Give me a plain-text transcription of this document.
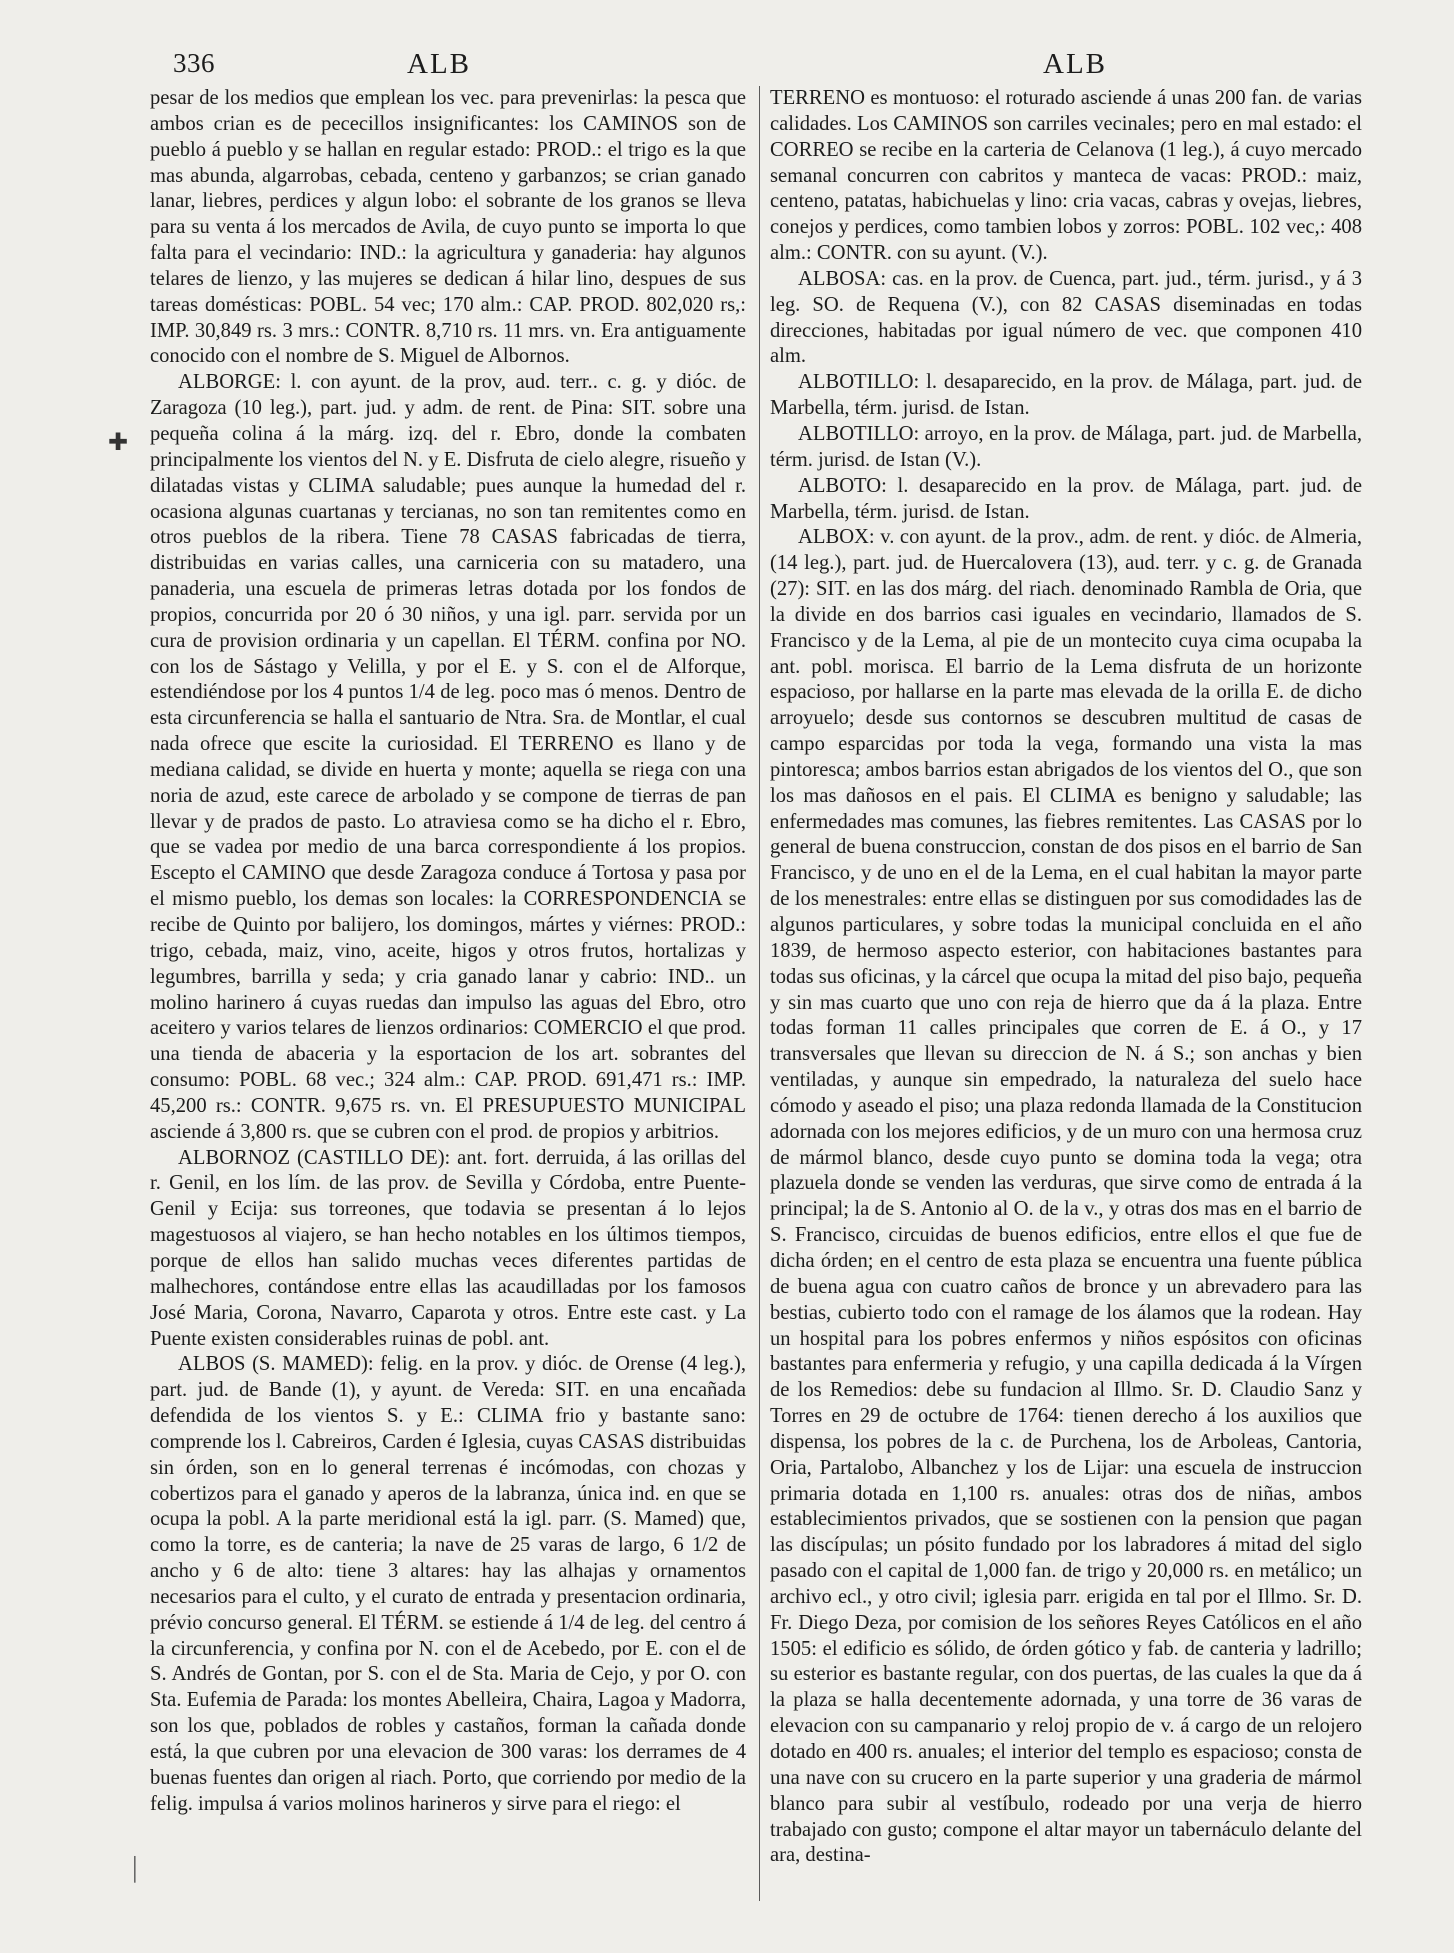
336	ALB	ALB
✚
│

pesar de los medios que emplean los vec. para prevenirlas: la pesca que ambos crian es de pececillos insignificantes: los CAMINOS son de pueblo á pueblo y se hallan en regular estado: PROD.: el trigo es la que mas abunda, algarrobas, cebada, centeno y garbanzos; se crian ganado lanar, liebres, perdices y algun lobo: el sobrante de los granos se lleva para su venta á los mercados de Avila, de cuyo punto se importa lo que falta para el vecindario: IND.: la agricultura y ganaderia: hay algunos telares de lienzo, y las mujeres se dedican á hilar lino, despues de sus tareas domésticas: POBL. 54 vec; 170 alm.: CAP. PROD. 802,020 rs,: IMP. 30,849 rs. 3 mrs.: CONTR. 8,710 rs. 11 mrs. vn. Era antiguamente conocido con el nombre de S. Miguel de Albornos.

ALBORGE: l. con ayunt. de la prov, aud. terr.. c. g. y dióc. de Zaragoza (10 leg.), part. jud. y adm. de rent. de Pina: SIT. sobre una pequeña colina á la márg. izq. del r. Ebro, donde la combaten principalmente los vientos del N. y E. Disfruta de cielo alegre, risueño y dilatadas vistas y CLIMA saludable; pues aunque la humedad del r. ocasiona algunas cuartanas y tercianas, no son tan remitentes como en otros pueblos de la ribera. Tiene 78 CASAS fabricadas de tierra, distribuidas en varias calles, una carniceria con su matadero, una panaderia, una escuela de primeras letras dotada por los fondos de propios, concurrida por 20 ó 30 niños, y una igl. parr. servida por un cura de provision ordinaria y un capellan. El TÉRM. confina por NO. con los de Sástago y Velilla, y por el E. y S. con el de Alforque, estendiéndose por los 4 puntos 1/4 de leg. poco mas ó menos. Dentro de esta circunferencia se halla el santuario de Ntra. Sra. de Montlar, el cual nada ofrece que escite la curiosidad. El TERRENO es llano y de mediana calidad, se divide en huerta y monte; aquella se riega con una noria de azud, este carece de arbolado y se compone de tierras de pan llevar y de prados de pasto. Lo atraviesa como se ha dicho el r. Ebro, que se vadea por medio de una barca correspondiente á los propios. Escepto el CAMINO que desde Zaragoza conduce á Tortosa y pasa por el mismo pueblo, los demas son locales: la CORRESPONDENCIA se recibe de Quinto por balijero, los domingos, mártes y viérnes: PROD.: trigo, cebada, maiz, vino, aceite, higos y otros frutos, hortalizas y legumbres, barrilla y seda; y cria ganado lanar y cabrio: IND.. un molino harinero á cuyas ruedas dan impulso las aguas del Ebro, otro aceitero y varios telares de lienzos ordinarios: COMERCIO el que prod. una tienda de abaceria y la esportacion de los art. sobrantes del consumo: POBL. 68 vec.; 324 alm.: CAP. PROD. 691,471 rs.: IMP. 45,200 rs.: CONTR. 9,675 rs. vn. El PRESUPUESTO MUNICIPAL asciende á 3,800 rs. que se cubren con el prod. de propios y arbitrios.

ALBORNOZ (CASTILLO DE): ant. fort. derruida, á las orillas del r. Genil, en los lím. de las prov. de Sevilla y Córdoba, entre Puente-Genil y Ecija: sus torreones, que todavia se presentan á lo lejos magestuosos al viajero, se han hecho notables en los últimos tiempos, porque de ellos han salido muchas veces diferentes partidas de malhechores, contándose entre ellas las acaudilladas por los famosos José Maria, Corona, Navarro, Caparota y otros. Entre este cast. y La Puente existen considerables ruinas de pobl. ant.

ALBOS (S. MAMED): felig. en la prov. y dióc. de Orense (4 leg.), part. jud. de Bande (1), y ayunt. de Vereda: SIT. en una encañada defendida de los vientos S. y E.: CLIMA frio y bastante sano: comprende los l. Cabreiros, Carden é Iglesia, cuyas CASAS distribuidas sin órden, son en lo general terrenas é incómodas, con chozas y cobertizos para el ganado y aperos de la labranza, única ind. en que se ocupa la pobl. A la parte meridional está la igl. parr. (S. Mamed) que, como la torre, es de canteria; la nave de 25 varas de largo, 6 1/2 de ancho y 6 de alto: tiene 3 altares: hay las alhajas y ornamentos necesarios para el culto, y el curato de entrada y presentacion ordinaria, prévio concurso general. El TÉRM. se estiende á 1/4 de leg. del centro á la circunferencia, y confina por N. con el de Acebedo, por E. con el de S. Andrés de Gontan, por S. con el de Sta. Maria de Cejo, y por O. con Sta. Eufemia de Parada: los montes Abelleira, Chaira, Lagoa y Madorra, son los que, poblados de robles y castaños, forman la cañada donde está, la que cubren por una elevacion de 300 varas: los derrames de 4 buenas fuentes dan origen al riach. Porto, que corriendo por medio de la felig. impulsa á varios molinos harineros y sirve para el riego: el

TERRENO es montuoso: el roturado asciende á unas 200 fan. de varias calidades. Los CAMINOS son carriles vecinales; pero en mal estado: el CORREO se recibe en la carteria de Celanova (1 leg.), á cuyo mercado semanal concurren con cabritos y manteca de vacas: PROD.: maiz, centeno, patatas, habichuelas y lino: cria vacas, cabras y ovejas, liebres, conejos y perdices, como tambien lobos y zorros: POBL. 102 vec,: 408 alm.: CONTR. con su ayunt. (V.).

ALBOSA: cas. en la prov. de Cuenca, part. jud., térm. jurisd., y á 3 leg. SO. de Requena (V.), con 82 CASAS diseminadas en todas direcciones, habitadas por igual número de vec. que componen 410 alm.

ALBOTILLO: l. desaparecido, en la prov. de Málaga, part. jud. de Marbella, térm. jurisd. de Istan.

ALBOTILLO: arroyo, en la prov. de Málaga, part. jud. de Marbella, térm. jurisd. de Istan (V.).

ALBOTO: l. desaparecido en la prov. de Málaga, part. jud. de Marbella, térm. jurisd. de Istan.

ALBOX: v. con ayunt. de la prov., adm. de rent. y dióc. de Almeria, (14 leg.), part. jud. de Huercalovera (13), aud. terr. y c. g. de Granada (27): SIT. en las dos márg. del riach. denominado Rambla de Oria, que la divide en dos barrios casi iguales en vecindario, llamados de S. Francisco y de la Lema, al pie de un montecito cuya cima ocupaba la ant. pobl. morisca. El barrio de la Lema disfruta de un horizonte espacioso, por hallarse en la parte mas elevada de la orilla E. de dicho arroyuelo; desde sus contornos se descubren multitud de casas de campo esparcidas por toda la vega, formando una vista la mas pintoresca; ambos barrios estan abrigados de los vientos del O., que son los mas dañosos en el pais. El CLIMA es benigno y saludable; las enfermedades mas comunes, las fiebres remitentes. Las CASAS por lo general de buena construccion, constan de dos pisos en el barrio de San Francisco, y de uno en el de la Lema, en el cual habitan la mayor parte de los menestrales: entre ellas se distinguen por sus comodidades las de algunos particulares, y sobre todas la municipal concluida en el año 1839, de hermoso aspecto esterior, con habitaciones bastantes para todas sus oficinas, y la cárcel que ocupa la mitad del piso bajo, pequeña y sin mas cuarto que uno con reja de hierro que da á la plaza. Entre todas forman 11 calles principales que corren de E. á O., y 17 transversales que llevan su direccion de N. á S.; son anchas y bien ventiladas, y aunque sin empedrado, la naturaleza del suelo hace cómodo y aseado el piso; una plaza redonda llamada de la Constitucion adornada con los mejores edificios, y de un muro con una hermosa cruz de mármol blanco, desde cuyo punto se domina toda la vega; otra plazuela donde se venden las verduras, que sirve como de entrada á la principal; la de S. Antonio al O. de la v., y otras dos mas en el barrio de S. Francisco, circuidas de buenos edificios, entre ellos el que fue de dicha órden; en el centro de esta plaza se encuentra una fuente pública de buena agua con cuatro caños de bronce y un abrevadero para las bestias, cubierto todo con el ramage de los álamos que la rodean. Hay un hospital para los pobres enfermos y niños espósitos con oficinas bastantes para enfermeria y refugio, y una capilla dedicada á la Vírgen de los Remedios: debe su fundacion al Illmo. Sr. D. Claudio Sanz y Torres en 29 de octubre de 1764: tienen derecho á los auxilios que dispensa, los pobres de la c. de Purchena, los de Arboleas, Cantoria, Oria, Partalobo, Albanchez y los de Lijar: una escuela de instruccion primaria dotada en 1,100 rs. anuales: otras dos de niñas, ambos establecimientos privados, que se sostienen con la pension que pagan las discípulas; un pósito fundado por los labradores á mitad del siglo pasado con el capital de 1,000 fan. de trigo y 20,000 rs. en metálico; un archivo ecl., y otro civil; iglesia parr. erigida en tal por el Illmo. Sr. D. Fr. Diego Deza, por comision de los señores Reyes Católicos en el año 1505: el edificio es sólido, de órden gótico y fab. de canteria y ladrillo; su esterior es bastante regular, con dos puertas, de las cuales la que da á la plaza se halla decentemente adornada, y una torre de 36 varas de elevacion con su campanario y reloj propio de v. á cargo de un relojero dotado en 400 rs. anuales; el interior del templo es espacioso; consta de una nave con su crucero en la parte superior y una graderia de mármol blanco para subir al vestíbulo, rodeado por una verja de hierro trabajado con gusto; compone el altar mayor un tabernáculo delante del ara, destina-
